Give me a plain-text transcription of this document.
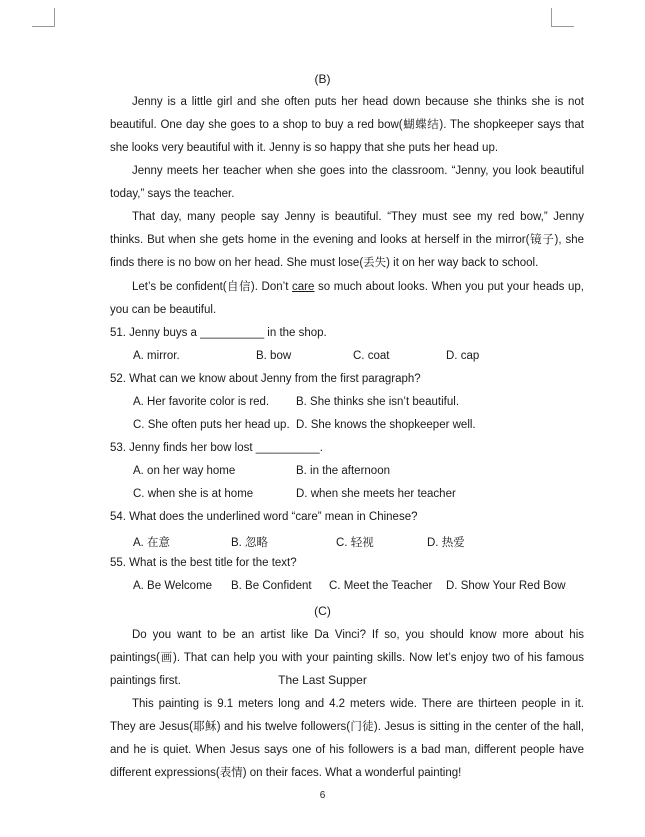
(B)

Jenny is a little girl and she often puts her head down because she thinks she is not beautiful. One day she goes to a shop to buy a red bow(蝴蝶结). The shopkeeper says that she looks very beautiful with it. Jenny is so happy that she puts her head up.

Jenny meets her teacher when she goes into the classroom. “Jenny, you look beautiful today,” says the teacher.

That day, many people say Jenny is beautiful. “They must see my red bow,” Jenny thinks. But when she gets home in the evening and looks at herself in the mirror(镜子), she finds there is no bow on her head. She must lose(丢失) it on her way back to school.

Let’s be confident(自信). Don’t care so much about looks. When you put your heads up, you can be beautiful.

51. Jenny buys a __________ in the shop.
A. mirror.	B. bow	C. coat	D. cap
52. What can we know about Jenny from the first paragraph?
A. Her favorite color is red. B. She thinks she isn’t beautiful.
C. She often puts her head up. D. She knows the shopkeeper well.
53. Jenny finds her bow lost __________.
A. on her way home	B. in the afternoon
C. when she is at home	D. when she meets her teacher
54. What does the underlined word “care” mean in Chinese?
A. 在意	B. 忽略	C. 轻视	D. 热爱
55. What is the best title for the text?
A. Be Welcome B. Be Confident C. Meet the Teacher D. Show Your Red Bow
(C)

Do you want to be an artist like Da Vinci? If so, you should know more about his paintings(画). That can help you with your painting skills. Now let’s enjoy two of his famous paintings first.	The Last Supper

This painting is 9.1 meters long and 4.2 meters wide. There are thirteen people in it. They are Jesus(耶稣) and his twelve followers(门徒). Jesus is sitting in the center of the hall, and he is quiet. When Jesus says one of his followers is a bad man, different people have different expressions(表情) on their faces. What a wonderful painting!

6
